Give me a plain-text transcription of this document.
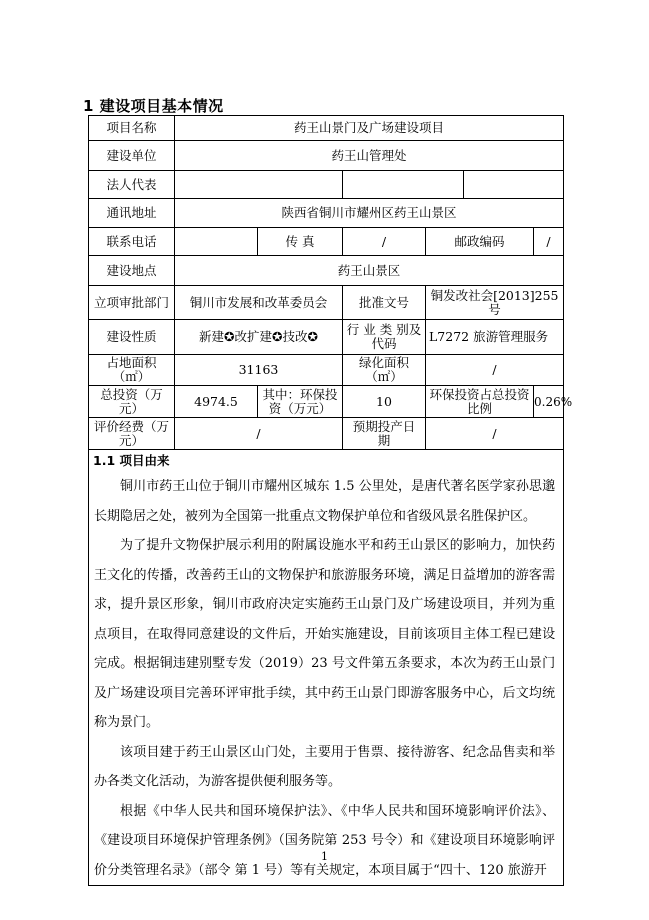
1 建设项目基本情况
项目名称	药王山景门及广场建设项目					
建设单位	药王山管理处					
法人代表						
通讯地址	陕西省铜川市耀州区药王山景区					
联系电话		传 真	/	邮政编码		/
建设地点	药王山景区					
立项审批部门	铜川市发展和改革委员会		批准文号	铜发改社会[2013]255 号		
建设性质	新建✪改扩建✪技改✪		行 业 类 别及代码	L7272 旅游管理服务		
占地面积（㎡）	31163		绿化面积（㎡）	/		
总投资（万元）	4974.5	其中：环保投资（万元）	10	环保投资占总投资比例		0.26%
评价经费（万元）	/		预期投产日 期	/		

1.1 项目由来

铜川市药王山位于铜川市耀州区城东 1.5 公里处，是唐代著名医学家孙思邈长期隐居之处，被列为全国第一批重点文物保护单位和省级风景名胜保护区。

为了提升文物保护展示利用的附属设施水平和药王山景区的影响力，加快药王文化的传播，改善药王山的文物保护和旅游服务环境，满足日益增加的游客需求，提升景区形象，铜川市政府决定实施药王山景门及广场建设项目，并列为重点项目，在取得同意建设的文件后，开始实施建设，目前该项目主体工程已建设完成。根据铜违建别墅专发（2019）23 号文件第五条要求，本次为药王山景门及广场建设项目完善环评审批手续，其中药王山景门即游客服务中心，后文均统称为景门。

该项目建于药王山景区山门处，主要用于售票、接待游客、纪念品售卖和举办各类文化活动，为游客提供便利服务等。

根据《中华人民共和国环境保护法》、《中华人民共和国环境影响评价法》、《建设项目环境保护管理条例》（国务院第 253 号令）和《建设项目环境影响评价分类管理名录》（部令 第 1 号）等有关规定，本项目属于“四十、120 旅游开						

1
